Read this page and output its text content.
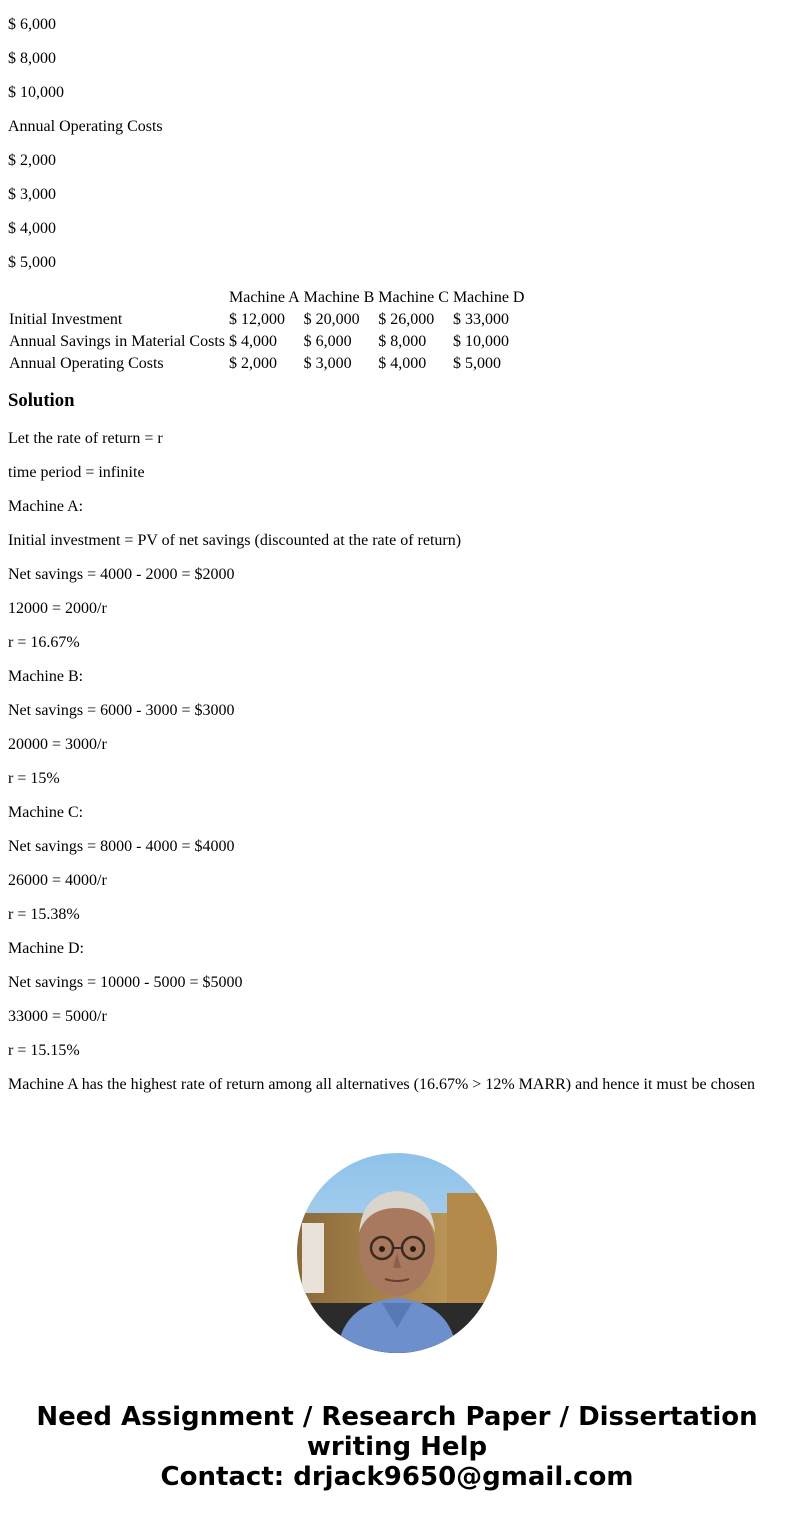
$ 6,000

$ 8,000

$ 10,000

Annual Operating Costs

$ 2,000

$ 3,000

$ 4,000

$ 5,000

	Machine A	Machine B	Machine C	Machine D
Initial Investment	$ 12,000	$ 20,000	$ 26,000	$ 33,000
Annual Savings in Material Costs	$ 4,000	$ 6,000	$ 8,000	$ 10,000
Annual Operating Costs	$ 2,000	$ 3,000	$ 4,000	$ 5,000
Solution

Let the rate of return = r

time period = infinite

Machine A:

Initial investment = PV of net savings (discounted at the rate of return)

Net savings = 4000 - 2000 = $2000

12000 = 2000/r

r = 16.67%

Machine B:

Net savings = 6000 - 3000 = $3000

20000 = 3000/r

r = 15%

Machine C:

Net savings = 8000 - 4000 = $4000

26000 = 4000/r

r = 15.38%

Machine D:

Net savings = 10000 - 5000 = $5000

33000 = 5000/r

r = 15.15%

Machine A has the highest rate of return among all alternatives (16.67% > 12% MARR) and hence it must be chosen

Need Assignment / Research Paper / Dissertation
writing Help
Contact: drjack9650@gmail.com
